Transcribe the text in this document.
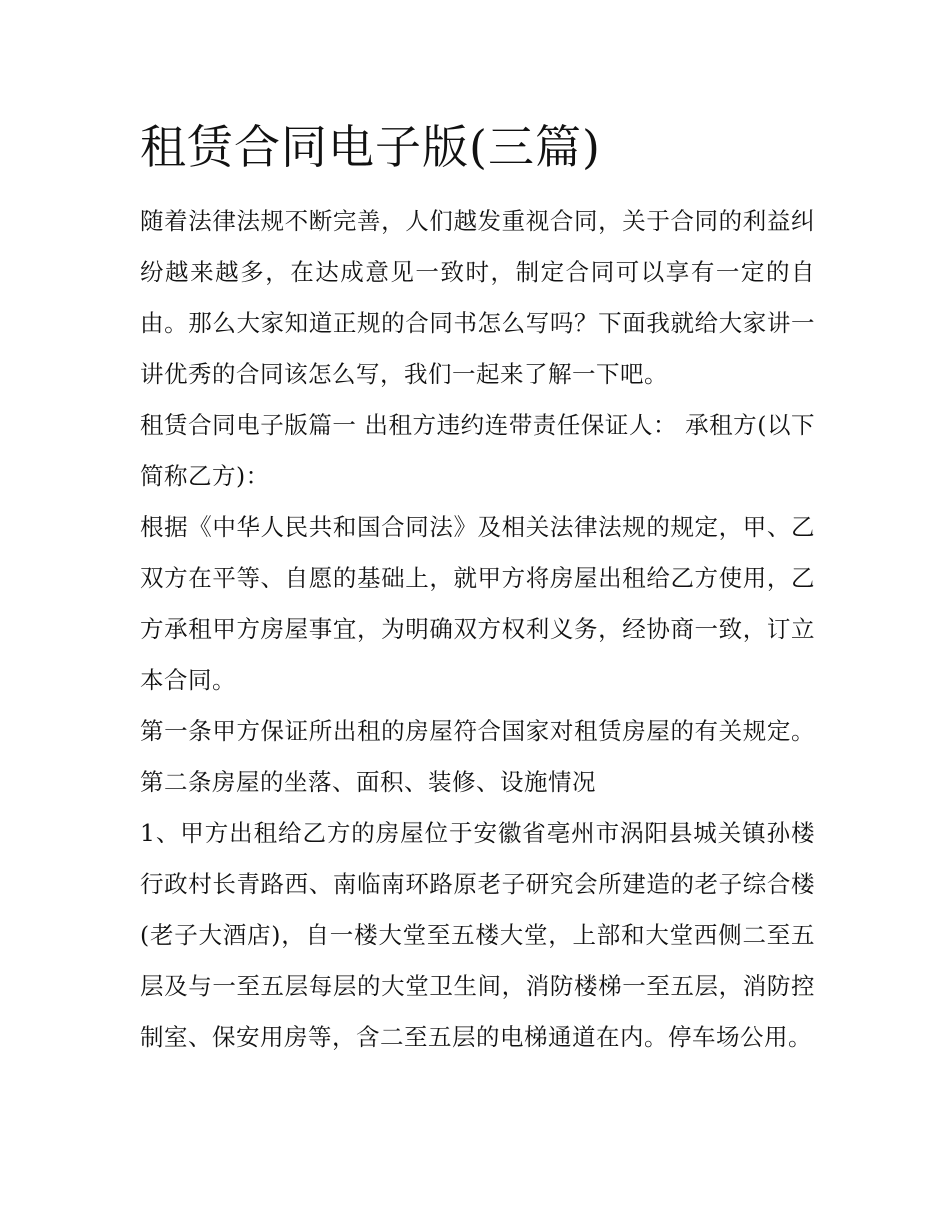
租赁合同电子版(三篇)

随着法律法规不断完善，人们越发重视合同，关于合同的利益纠纷越来越多，在达成意见一致时，制定合同可以享有一定的自由。那么大家知道正规的合同书怎么写吗？下面我就给大家讲一讲优秀的合同该怎么写，我们一起来了解一下吧。

租赁合同电子版篇一 出租方违约连带责任保证人： 承租方(以下简称乙方)：

根据《中华人民共和国合同法》及相关法律法规的规定，甲、乙双方在平等、自愿的基础上，就甲方将房屋出租给乙方使用，乙方承租甲方房屋事宜，为明确双方权利义务，经协商一致，订立本合同。

第一条甲方保证所出租的房屋符合国家对租赁房屋的有关规定。 第二条房屋的坐落、面积、装修、设施情况

1、甲方出租给乙方的房屋位于安徽省亳州市涡阳县城关镇孙楼行政村长青路西、南临南环路原老子研究会所建造的老子综合楼(老子大酒店)，自一楼大堂至五楼大堂，上部和大堂西侧二至五层及与一至五层每层的大堂卫生间，消防楼梯一至五层，消防控制室、保安用房等，含二至五层的电梯通道在内。停车场公用。
